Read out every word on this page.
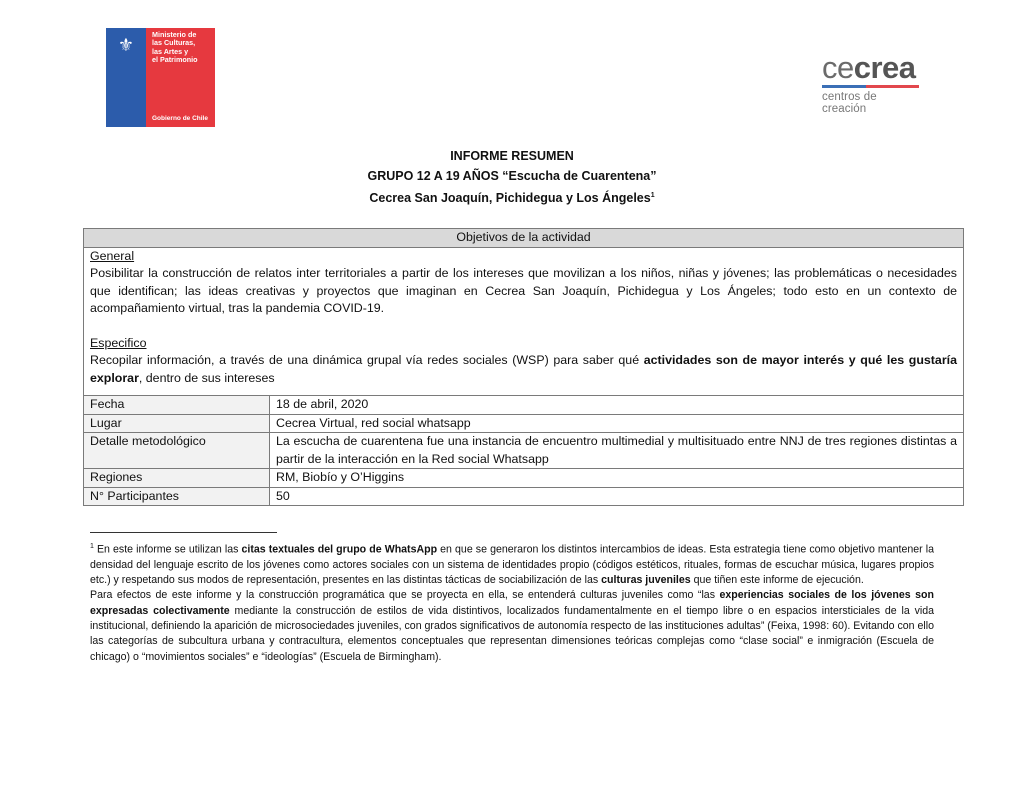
⚜
Ministerio de
las Culturas,
las Artes y
el Patrimonio
Gobierno de Chile
cecrea
centros de creación
INFORME RESUMEN
GRUPO 12 A 19 AÑOS “Escucha de Cuarentena”
Cecrea San Joaquín, Pichidegua y Los Ángeles$^1$
Objetivos de la actividad	

General

Posibilitar la construcción de relatos inter territoriales a partir de los intereses que movilizan a los niños, niñas y jóvenes; las problemáticas o necesidades que identifican; las ideas creativas y proyectos que imaginan en Cecrea San Joaquín, Pichidegua y Los Ángeles; todo esto en un contexto de acompañamiento virtual, tras la pandemia COVID-19.

Especifico

Recopilar información, a través de una dinámica grupal vía redes sociales (WSP) para saber qué actividades son de mayor interés y qué les gustaría explorar, dentro de sus intereses	

Fecha	18 de abril, 2020
Lugar	Cecrea Virtual, red social whatsapp
Detalle metodológico	La escucha de cuarentena fue una instancia de encuentro multimedial y multisituado entre NNJ de tres regiones distintas a partir de la interacción en la Red social Whatsapp
Regiones	RM, Biobío y O’Higgins
N° Participantes	50

$^1$ En este informe se utilizan las citas textuales del grupo de WhatsApp en que se generaron los distintos intercambios de ideas. Esta estrategia tiene como objetivo mantener la densidad del lenguaje escrito de los jóvenes como actores sociales con un sistema de identidades propio (códigos estéticos, rituales, formas de escuchar música, lugares propios etc.) y respetando sus modos de representación, presentes en las distintas tácticas de sociabilización de las culturas juveniles que tiñen este informe de ejecución.

Para efectos de este informe y la construcción programática que se proyecta en ella, se entenderá culturas juveniles como “las experiencias sociales de los jóvenes son expresadas colectivamente mediante la construcción de estilos de vida distintivos, localizados fundamentalmente en el tiempo libre o en espacios intersticiales de la vida institucional, definiendo la aparición de microsociedades juveniles, con grados significativos de autonomía respecto de las instituciones adultas” (Feixa, 1998: 60). Evitando con ello las categorías de subcultura urbana y contracultura, elementos conceptuales que representan dimensiones teóricas complejas como “clase social” e inmigración (Escuela de chicago) o “movimientos sociales” e “ideologías” (Escuela de Birmingham).
